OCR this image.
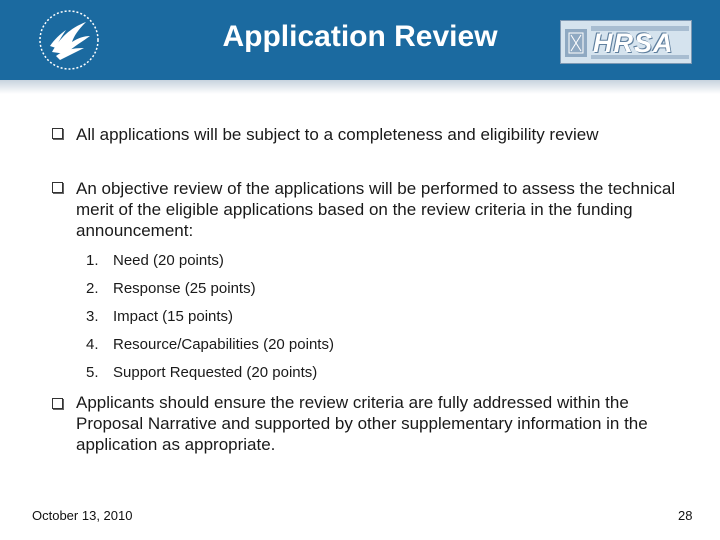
Application Review	HRSA
All applications will be subject to a completeness and eligibility review
An objective review of the applications will be performed to assess the technical merit of the eligible applications based on the review criteria in the funding announcement:
1. Need (20 points)
2. Response (25 points)
3. Impact (15 points)
4. Resource/Capabilities (20 points)
5. Support Requested (20 points)
Applicants should ensure the review criteria are fully addressed within the Proposal Narrative and supported by other supplementary information in the application as appropriate.
October 13, 2010	28
